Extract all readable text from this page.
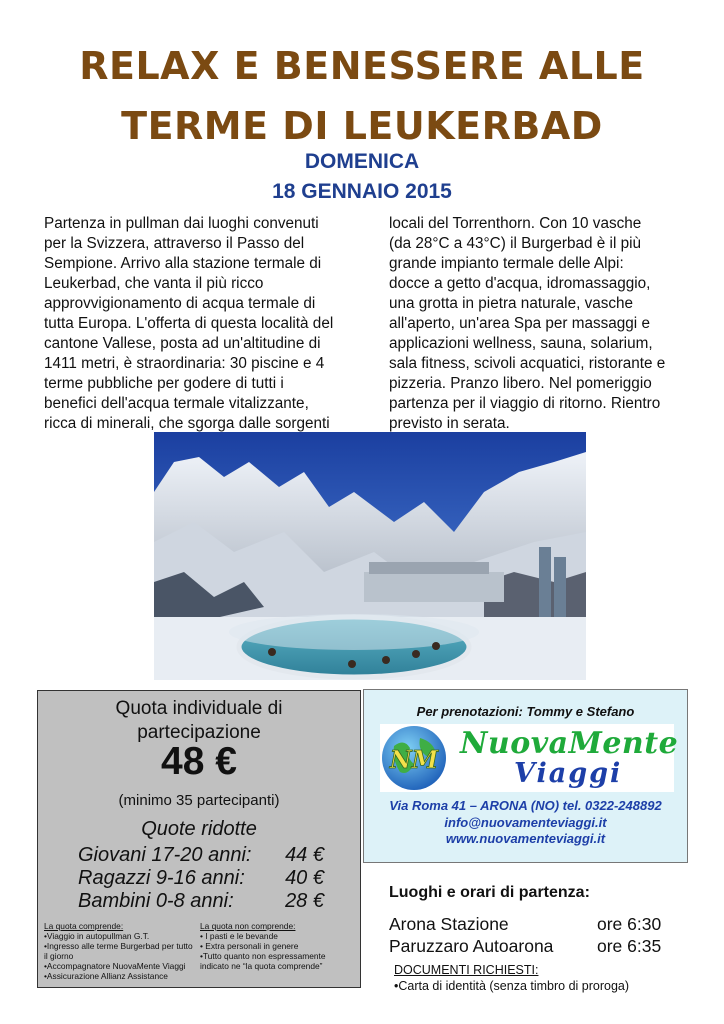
RELAX E BENESSERE ALLE
TERME DI LEUKERBAD
DOMENICA
18 GENNAIO 2015
Partenza in pullman dai luoghi convenuti
per la Svizzera, attraverso il Passo del
Sempione. Arrivo alla stazione termale di
Leukerbad, che vanta il più ricco
approvvigionamento di acqua termale di
tutta Europa. L'offerta di questa località del
cantone Vallese, posta ad un'altitudine di
1411 metri, è straordinaria: 30 piscine e 4
terme pubbliche per godere di tutti i
benefici dell'acqua termale vitalizzante,
ricca di minerali, che sgorga dalle sorgenti
locali del Torrenthorn. Con 10 vasche
(da 28°C a 43°C) il Burgerbad è il più
grande impianto termale delle Alpi:
docce a getto d'acqua, idromassaggio,
una grotta in pietra naturale, vasche
all'aperto, un'area Spa per massaggi e
applicazioni wellness, sauna, solarium,
sala fitness, scivoli acquatici, ristorante e
pizzeria. Pranzo libero. Nel pomeriggio
partenza per il viaggio di ritorno. Rientro
previsto in serata.
Quota individuale di
partecipazione
48 €
(minimo 35 partecipanti)
Quote ridotte
Giovani 17-20 anni: 44 €
Ragazzi 9-16 anni: 40 €
Bambini 0-8 anni:	28 €
La quota comprende:
•Viaggio in autopullman G.T.
•Ingresso alle terme Burgerbad per tutto
il giorno
•Accompagnatore NuovaMente Viaggi
•Assicurazione Allianz Assistance
La quota non comprende:
• I pasti e le bevande
• Extra personali in genere
•Tutto quanto non espressamente
indicato ne “la quota comprende”
Per prenotazioni: Tommy e Stefano
NM NuovaMente
Viaggi
Via Roma 41 – ARONA (NO) tel. 0322-248892
info@nuovamenteviaggi.it
www.nuovamenteviaggi.it
Luoghi e orari di partenza:
Arona Stazione	ore 6:30
Paruzzaro Autoarona ore 6:35
DOCUMENTI RICHIESTI:
•Carta di identità (senza timbro di proroga)
